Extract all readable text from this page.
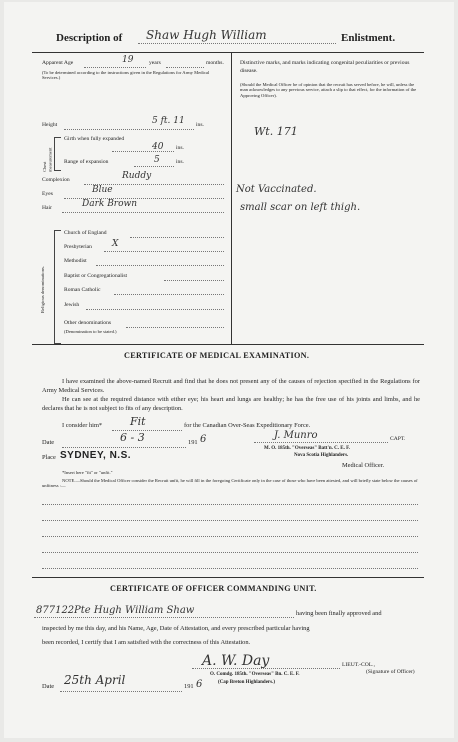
Description of Shaw Hugh William	Enlistment.
Apparent Age	19	years	months.
(To be determined according to the instructions given in the Regulations for Army Medical Services.)
Height	5 ft. 11 ins.
Chest measurement
Girth when fully expanded
40 ins.
Range of expansion	5	ins.
Complexion	Ruddy
Eyes	Blue
Hair	Dark Brown
Religious denominations.
Church of England
Presbyterian X
Methodist
Baptist or Congregationalist
Roman Catholic
Jewish
Other denominations
(Denomination to be stated.)
Distinctive marks, and marks indicating congenital peculiarities or previous disease.
(Should the Medical Officer be of opinion that the recruit has served before, he will, unless the man acknowledges to any previous service, attach a slip to that effect, for the information of the Approving Officer).
Wt. 171
Not Vaccinated.
small scar on left thigh.
CERTIFICATE OF MEDICAL EXAMINATION.
I have examined the above-named Recruit and find that he does not present any of the causes of rejection specified in the Regulations for Army Medical Services.
He can see at the required distance with either eye; his heart and lungs are healthy; he has the free use of his joints and limbs, and he declares that he is not subject to fits of any description.
I consider him*	Fit	for the Canadian Over-Seas Expeditionary Force.
Date	6 - 3	191 6	J. Munro	CAPT.
M. O. 185th. "Overseas" Batt'n. C. E. F.
Nova Scotia Highlanders.
Place SYDNEY, N.S.
Medical Officer.
*Insert here "fit" or "unfit."
NOTE.—Should the Medical Officer consider the Recruit unfit, he will fill in the foregoing Certificate only in the case of those who have been attested, and will briefly state below the causes of unfitness :—
CERTIFICATE OF OFFICER COMMANDING UNIT.
877122 Pte Hugh William Shaw	having been finally approved and
inspected by me this day, and his Name, Age, Date of Attestation, and every prescribed particular having
been recorded, I certify that I am satisfied with the correctness of this Attestation.
A. W. Day	LIEUT.-COL.,
(Signature of Officer)
O. Comdg. 185th. "Overseas" Bn. C. E. F.
(Cap Breton Highlanders.)
Date 25th April	191 6
